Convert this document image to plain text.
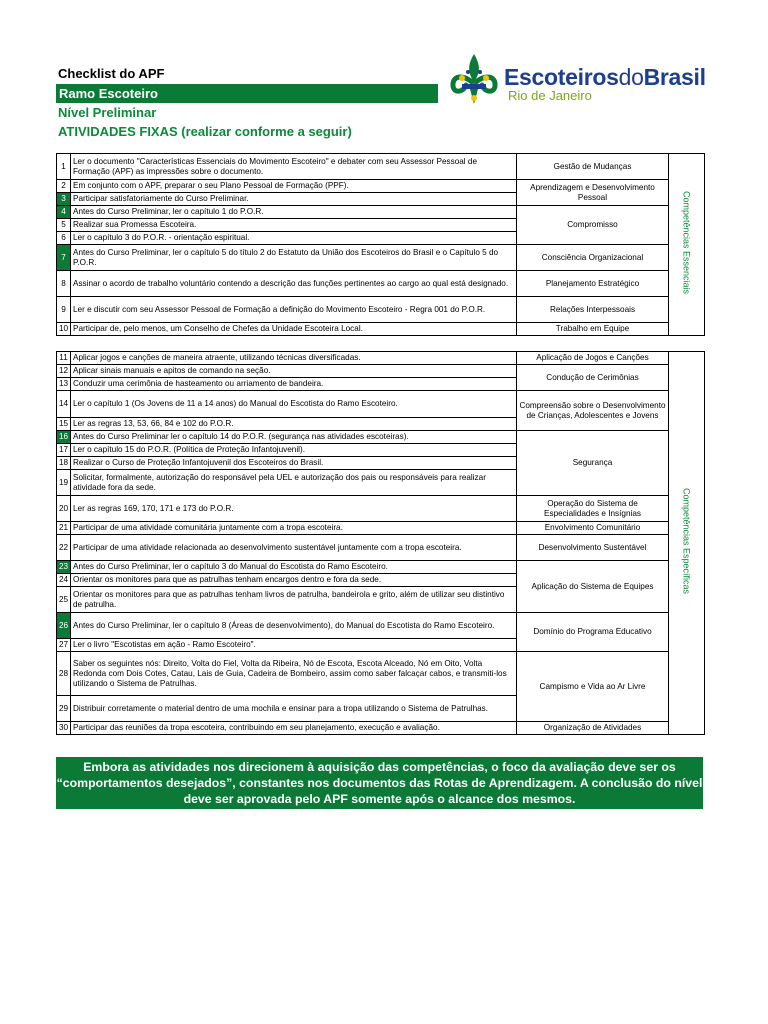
Checklist do APF
Ramo Escoteiro
Nível Preliminar
ATIVIDADES FIXAS (realizar conforme a seguir)
EscoteirosdoBrasil
Rio de Janeiro
1	Ler o documento "Características Essenciais do Movimento Escoteiro" e debater com seu Assessor Pessoal de Formação (APF) as impressões sobre o documento.	Gestão de Mudanças	Competências Essenciais
2	Em conjunto com o APF, preparar o seu Plano Pessoal de Formação (PPF).	Aprendizagem e Desenvolvimento Pessoal	
3	Participar satisfatoriamente do Curso Preliminar.		
4	Antes do Curso Preliminar, ler o capítulo 1 do P.O.R.	Compromisso	
5	Realizar sua Promessa Escoteira.		
6	Ler o capítulo 3 do P.O.R. - orientação espiritual.		
7	Antes do Curso Preliminar, ler o capítulo 5 do título 2 do Estatuto da União dos Escoteiros do Brasil e o Capítulo 5 do P.O.R.	Consciência Organizacional	
8	Assinar o acordo de trabalho voluntário contendo a descrição das funções pertinentes ao cargo ao qual está designado.	Planejamento Estratégico	
9	Ler e discutir com seu Assessor Pessoal de Formação a definição do Movimento Escoteiro - Regra 001 do P.O.R.	Relações Interpessoais	
10	Participar de, pelo menos, um Conselho de Chefes da Unidade Escoteira Local.	Trabalho em Equipe	
11	Aplicar jogos e canções de maneira atraente, utilizando técnicas diversificadas.	Aplicação de Jogos e Canções	Competências Específicas
12	Aplicar sinais manuais e apitos de comando na seção.	Condução de Cerimônias	
13	Conduzir uma cerimônia de hasteamento ou arriamento de bandeira.		
14	Ler o capítulo 1 (Os Jovens de 11 a 14 anos) do Manual do Escotista do Ramo Escoteiro.	Compreensão sobre o Desenvolvimento de Crianças, Adolescentes e Jovens	
15	Ler as regras 13, 53, 66, 84 e 102 do P.O.R.		
16	Antes do Curso Preliminar ler o capítulo 14 do P.O.R. (segurança nas atividades escoteiras).	Segurança	
17	Ler o capítulo 15 do P.O.R. (Política de Proteção Infantojuvenil).		
18	Realizar o Curso de Proteção Infantojuvenil dos Escoteiros do Brasil.		
19	Solicitar, formalmente, autorização do responsável pela UEL e autorização dos pais ou responsáveis para realizar atividade fora da sede.		
20	Ler as regras 169, 170, 171 e 173 do P.O.R.	Operação do Sistema de Especialidades e Insígnias	
21	Participar de uma atividade comunitária juntamente com a tropa escoteira.	Envolvimento Comunitário	
22	Participar de uma atividade relacionada ao desenvolvimento sustentável juntamente com a tropa escoteira.	Desenvolvimento Sustentável	
23	Antes do Curso Preliminar, ler o capítulo 3 do Manual do Escotista do Ramo Escoteiro.	Aplicação do Sistema de Equipes	
24	Orientar os monitores para que as patrulhas tenham encargos dentro e fora da sede.		
25	Orientar os monitores para que as patrulhas tenham livros de patrulha, bandeirola e grito, além de utilizar seu distintivo de patrulha.		
26	Antes do Curso Preliminar, ler o capítulo 8 (Áreas de desenvolvimento), do Manual do Escotista do Ramo Escoteiro.	Domínio do Programa Educativo	
27	Ler o livro "Escotistas em ação - Ramo Escoteiro".		
28	Saber os seguintes nós: Direito, Volta do Fiel, Volta da Ribeira, Nó de Escota, Escota Alceado, Nó em Oito, Volta Redonda com Dois Cotes, Catau, Lais de Guia, Cadeira de Bombeiro, assim como saber falcaçar cabos, e transmiti-los utilizando o Sistema de Patrulhas.	Campismo e Vida ao Ar Livre	
29	Distribuir corretamente o material dentro de uma mochila e ensinar para a tropa utilizando o Sistema de Patrulhas.		
30	Participar das reuniões da tropa escoteira, contribuindo em seu planejamento, execução e avaliação.	Organização de Atividades	
Embora as atividades nos direcionem à aquisição das competências, o foco da avaliação deve ser os “comportamentos desejados”, constantes nos documentos das Rotas de Aprendizagem. A conclusão do nível deve ser aprovada pelo APF somente após o alcance dos mesmos.
